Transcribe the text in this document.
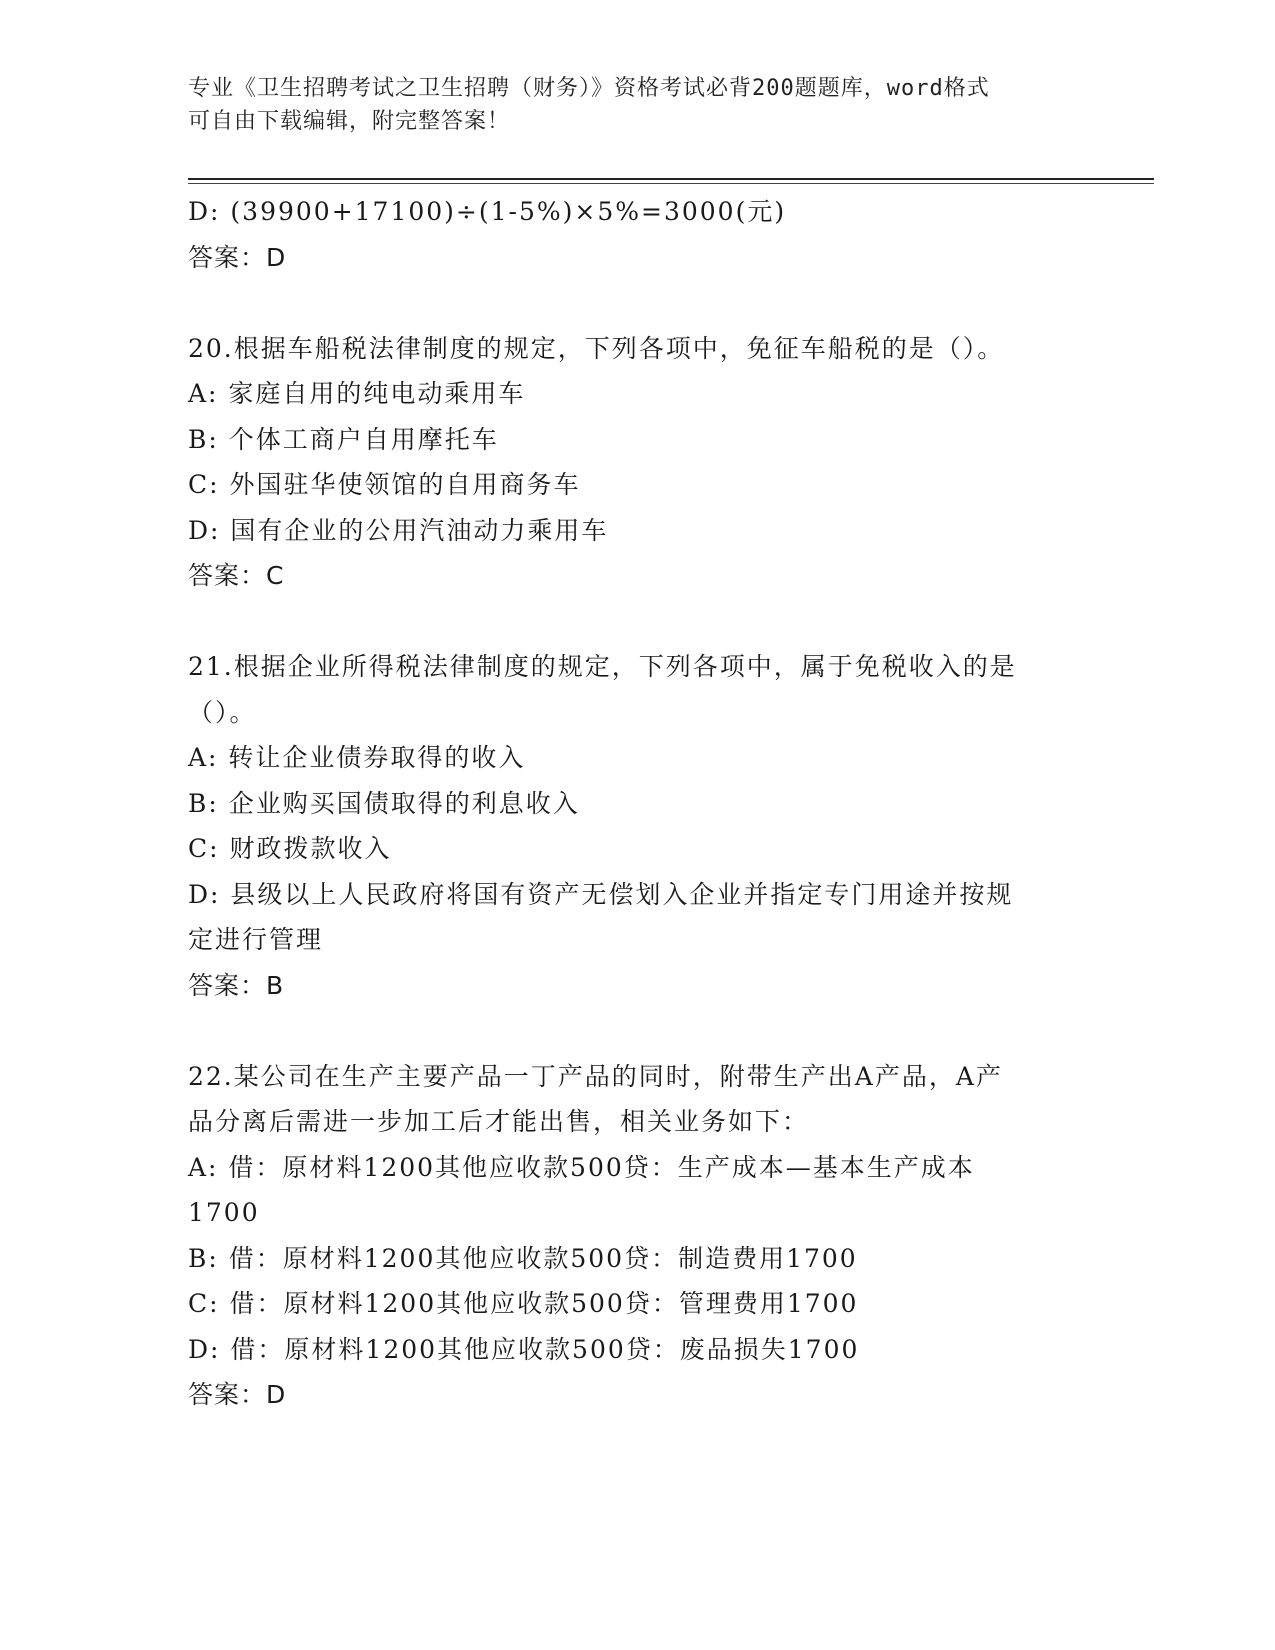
专业《卫生招聘考试之卫生招聘（财务）》资格考试必背200题题库，word格式
可自由下载编辑，附完整答案！
D: (39900+17100)÷(1-5%)×5%=3000(元)
答案：D
20.根据车船税法律制度的规定，下列各项中，免征车船税的是（）。
A: 家庭自用的纯电动乘用车
B: 个体工商户自用摩托车
C: 外国驻华使领馆的自用商务车
D: 国有企业的公用汽油动力乘用车
答案：C
21.根据企业所得税法律制度的规定，下列各项中，属于免税收入的是
（）。
A: 转让企业债券取得的收入
B: 企业购买国债取得的利息收入
C: 财政拨款收入
D: 县级以上人民政府将国有资产无偿划入企业并指定专门用途并按规
定进行管理
答案：B
22.某公司在生产主要产品一丁产品的同时，附带生产出A产品，A产
品分离后需进一步加工后才能出售，相关业务如下：
A: 借：原材料1200其他应收款500贷：生产成本—基本生产成本
1700
B: 借：原材料1200其他应收款500贷：制造费用1700
C: 借：原材料1200其他应收款500贷：管理费用1700
D: 借：原材料1200其他应收款500贷：废品损失1700
答案：D
